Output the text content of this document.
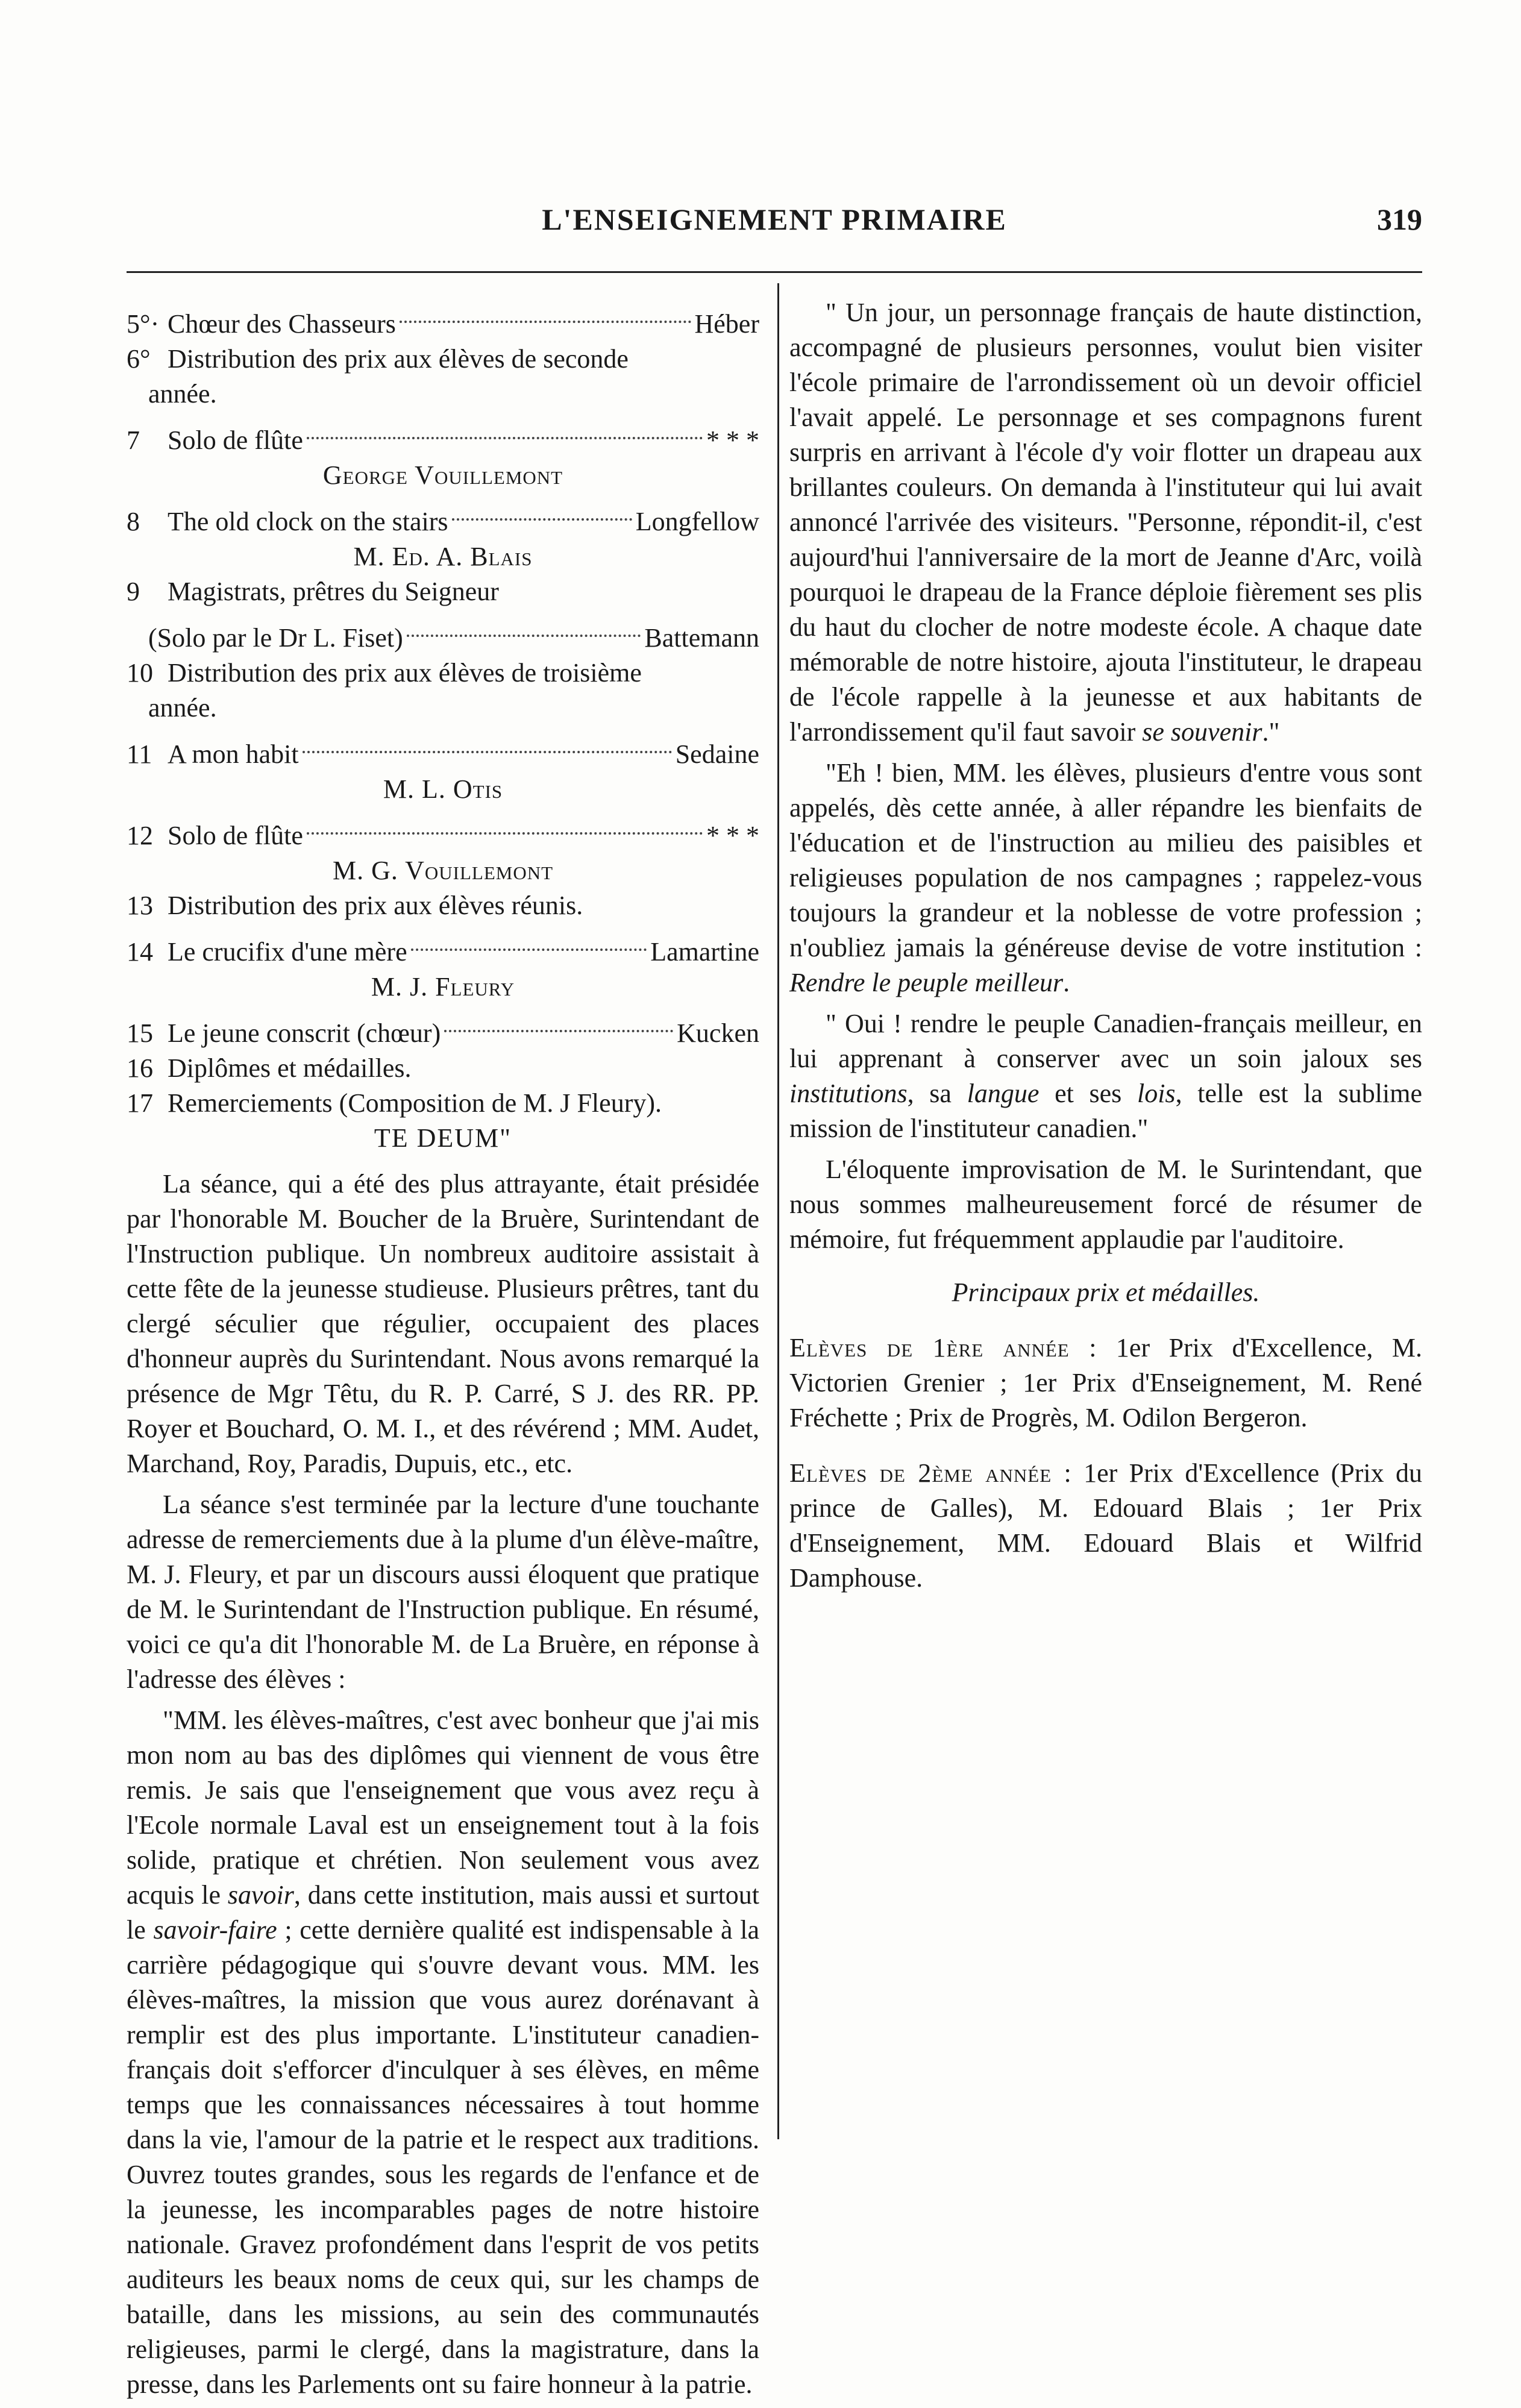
L'ENSEIGNEMENT PRIMAIRE	319
5°· Chœur des Chasseurs	Héber
6° Distribution des prix aux élèves de seconde
année.
7	Solo de flûte	* * *
George Vouillemont
8	The old clock on the stairs	Longfellow
M. Ed. A. Blais
9	Magistrats, prêtres du Seigneur
(Solo par le Dr L. Fiset)	Battemann
10 Distribution des prix aux élèves de troisième
année.
11 A mon habit	Sedaine
M. L. Otis
12 Solo de flûte	* * *
M. G. Vouillemont
13 Distribution des prix aux élèves réunis.
14 Le crucifix d'une mère	Lamartine
M. J. Fleury
15 Le jeune conscrit (chœur)	Kucken
16 Diplômes et médailles.
17 Remerciements (Composition de M. J Fleury).
TE DEUM"

La séance, qui a été des plus attrayante, était présidée par l'honorable M. Boucher de la Bruère, Surintendant de l'Instruction publique. Un nombreux auditoire assistait à cette fête de la jeunesse studieuse. Plusieurs prêtres, tant du clergé séculier que régulier, occupaient des places d'honneur auprès du Surintendant. Nous avons remarqué la présence de Mgr Têtu, du R. P. Carré, S J. des RR. PP. Royer et Bouchard, O. M. I., et des révérend ; MM. Audet, Marchand, Roy, Paradis, Dupuis, etc., etc.

La séance s'est terminée par la lecture d'une touchante adresse de remerciements due à la plume d'un élève-maître, M. J. Fleury, et par un discours aussi éloquent que pratique de M. le Surintendant de l'Instruction publique. En résumé, voici ce qu'a dit l'honorable M. de La Bruère, en réponse à l'adresse des élèves :

"MM. les élèves-maîtres, c'est avec bonheur que j'ai mis mon nom au bas des diplômes qui viennent de vous être remis. Je sais que l'enseignement que vous avez reçu à l'Ecole normale Laval est un enseignement tout à la fois solide, pratique et chrétien. Non seulement vous avez acquis le savoir, dans cette institution, mais aussi et surtout le savoir-faire ; cette dernière qualité est indispensable à la carrière pédagogique qui s'ouvre devant vous. MM. les élèves-maîtres, la mission que vous aurez dorénavant à remplir est des plus importante. L'instituteur canadien-français doit s'efforcer d'inculquer à ses élèves, en même temps que les connaissances nécessaires à tout homme dans la vie, l'amour de la patrie et le respect aux traditions. Ouvrez toutes grandes, sous les regards de l'enfance et de la jeunesse, les incomparables pages de notre histoire nationale. Gravez profondément dans l'esprit de vos petits auditeurs les beaux noms de ceux qui, sur les champs de bataille, dans les missions, au sein des communautés religieuses, parmi le clergé, dans la magistrature, dans la presse, dans les Parlements ont su faire honneur à la patrie.

" Un jour, un personnage français de haute distinction, accompagné de plusieurs personnes, voulut bien visiter l'école primaire de l'arrondissement où un devoir officiel l'avait appelé. Le personnage et ses compagnons furent surpris en arrivant à l'école d'y voir flotter un drapeau aux brillantes couleurs. On demanda à l'instituteur qui lui avait annoncé l'arrivée des visiteurs. "Personne, répondit-il, c'est aujourd'hui l'anniversaire de la mort de Jeanne d'Arc, voilà pourquoi le drapeau de la France déploie fièrement ses plis du haut du clocher de notre modeste école. A chaque date mémorable de notre histoire, ajouta l'instituteur, le drapeau de l'école rappelle à la jeunesse et aux habitants de l'arrondissement qu'il faut savoir se souvenir."

"Eh ! bien, MM. les élèves, plusieurs d'entre vous sont appelés, dès cette année, à aller répandre les bienfaits de l'éducation et de l'instruction au milieu des paisibles et religieuses population de nos campagnes ; rappelez-vous toujours la grandeur et la noblesse de votre profession ; n'oubliez jamais la généreuse devise de votre institution : Rendre le peuple meilleur.

" Oui ! rendre le peuple Canadien-français meilleur, en lui apprenant à conserver avec un soin jaloux ses institutions, sa langue et ses lois, telle est la sublime mission de l'instituteur canadien."

L'éloquente improvisation de M. le Surintendant, que nous sommes malheureusement forcé de résumer de mémoire, fut fréquemment applaudie par l'auditoire.

Principaux prix et médailles.

Elèves de 1ère année : 1er Prix d'Excellence, M. Victorien Grenier ; 1er Prix d'Enseignement, M. René Fréchette ; Prix de Progrès, M. Odilon Bergeron.

Elèves de 2ème année : 1er Prix d'Excellence (Prix du prince de Galles), M. Edouard Blais ; 1er Prix d'Enseignement, MM. Edouard Blais et Wilfrid Damphouse.
